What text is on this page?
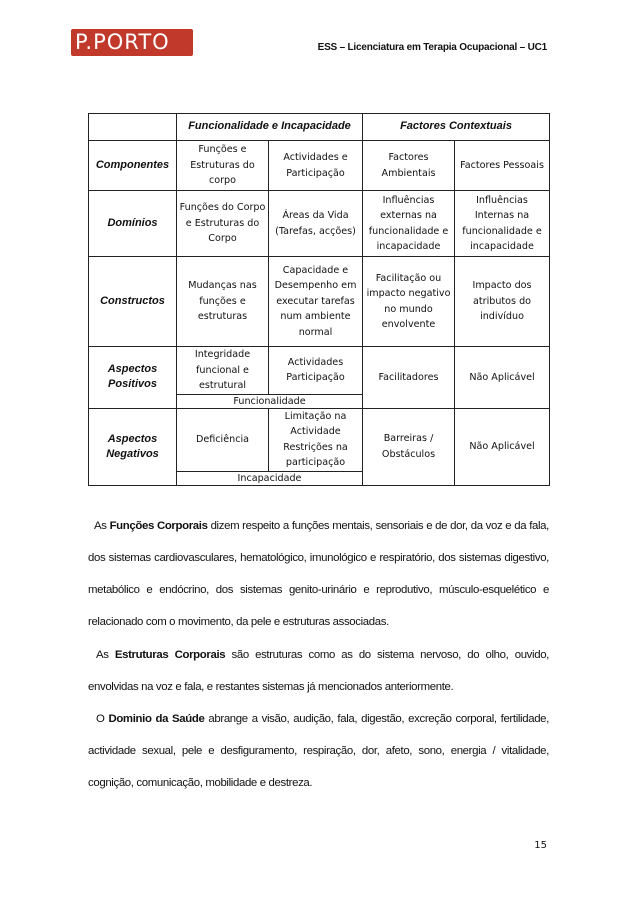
P.PORTO	ESS – Licenciatura em Terapia Ocupacional – UC1
	Funcionalidade e Incapacidade		Factores Contextuais	
Componentes	Funções e Estruturas do corpo	Actividades e Participação	Factores Ambientais	Factores Pessoais
Domínios	Funções do Corpo e Estruturas do Corpo	Áreas da Vida (Tarefas, acções)	Influências externas na funcionalidade e incapacidade	Influências Internas na funcionalidade e incapacidade
Constructos	Mudanças nas funções e estruturas	Capacidade e Desempenho em executar tarefas num ambiente normal	Facilitação ou impacto negativo no mundo envolvente	Impacto dos atributos do indivíduo
Aspectos Positivos	Integridade funcional e estrutural	Actividades Participação	Facilitadores	Não Aplicável
	Funcionalidade			
Aspectos Negativos	Deficiência	Limitação na Actividade Restrições na participação	Barreiras / Obstáculos	Não Aplicável
	Incapacidade			

As Funções Corporais dizem respeito a funções mentais, sensoriais e de dor, da voz e da fala, dos sistemas cardiovasculares, hematológico, imunológico e respiratório, dos sistemas digestivo, metabólico e endócrino, dos sistemas genito-urinário e reprodutivo, músculo-esquelético e relacionado com o movimento, da pele e estruturas associadas.

As Estruturas Corporais são estruturas como as do sistema nervoso, do olho, ouvido, envolvidas na voz e fala, e restantes sistemas já mencionados anteriormente.

O Dominio da Saúde abrange a visão, audição, fala, digestão, excreção corporal, fertilidade, actividade sexual, pele e desfiguramento, respiração, dor, afeto, sono, energia / vitalidade, cognição, comunicação, mobilidade e destreza.

15
